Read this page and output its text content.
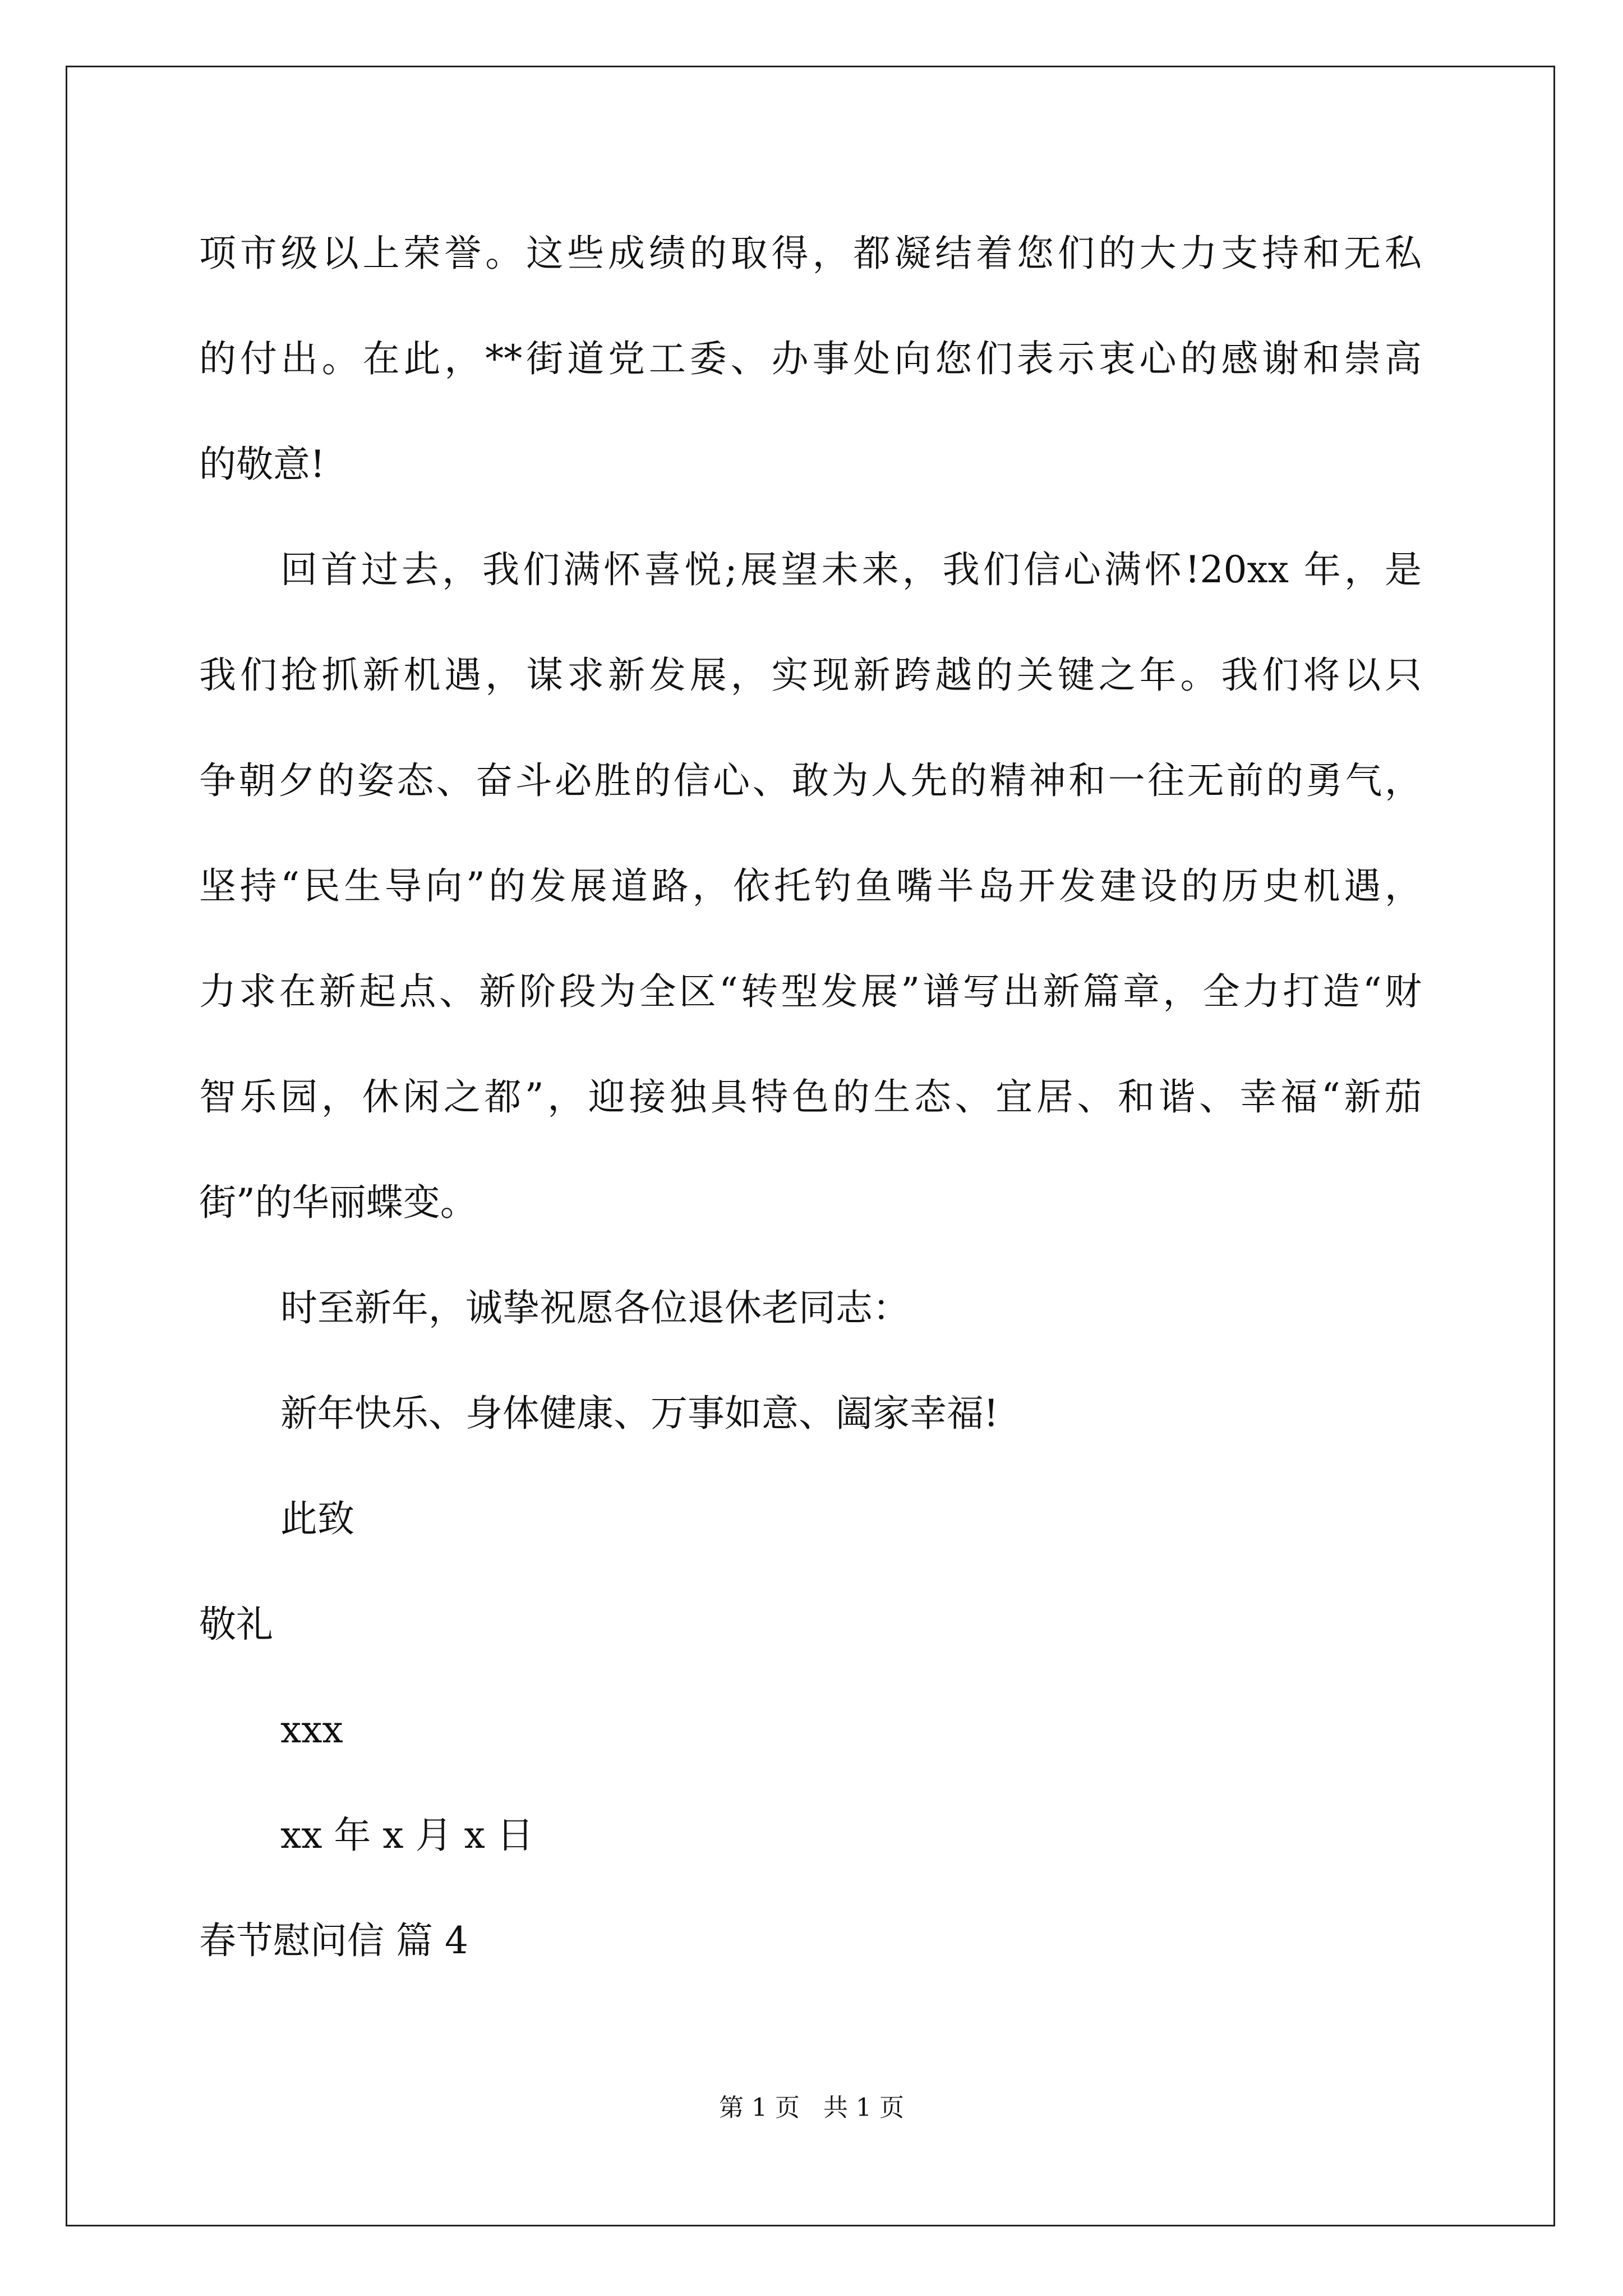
项市级以上荣誉。这些成绩的取得，都凝结着您们的大力支持和无私
的付出。在此，**街道党工委、办事处向您们表示衷心的感谢和崇高
的敬意!
回首过去，我们满怀喜悦;展望未来，我们信心满怀!20xx 年，是
我们抢抓新机遇，谋求新发展，实现新跨越的关键之年。我们将以只
争朝夕的姿态、奋斗必胜的信心、敢为人先的精神和一往无前的勇气，
坚持“民生导向”的发展道路，依托钓鱼嘴半岛开发建设的历史机遇，
力求在新起点、新阶段为全区“转型发展”谱写出新篇章，全力打造“财
智乐园，休闲之都”，迎接独具特色的生态、宜居、和谐、幸福“新茄
街”的华丽蝶变。
时至新年，诚挚祝愿各位退休老同志：
新年快乐、身体健康、万事如意、阖家幸福!
此致
敬礼
xxx
xx 年 x 月 x 日
春节慰问信 篇 4
第 1 页   共 1 页
